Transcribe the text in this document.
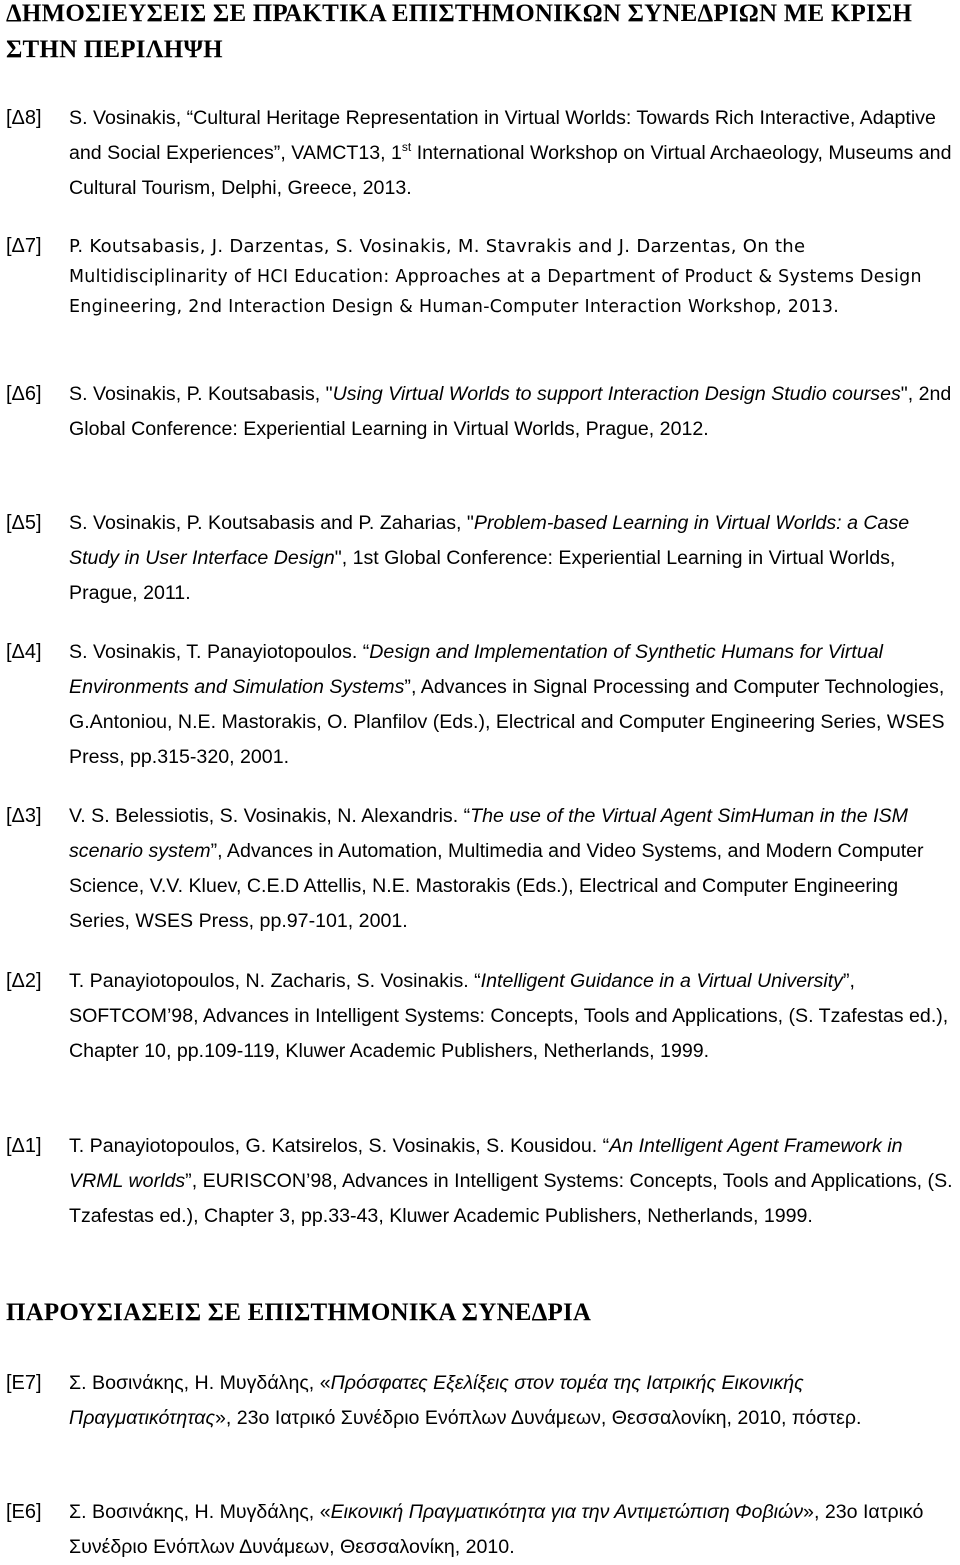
ΔΗΜΟΣΙΕΥΣΕΙΣ ΣΕ ΠΡΑΚΤΙΚΑ ΕΠΙΣΤΗΜΟΝΙΚΩΝ ΣΥΝΕΔΡΙΩΝ ΜΕ ΚΡΙΣΗ ΣΤΗΝ ΠΕΡΙΛΗΨΗ
[Δ8] S. Vosinakis, “Cultural Heritage Representation in Virtual Worlds: Towards Rich Interactive, Adaptive and Social Experiences”, VAMCT13, 1st International Workshop on Virtual Archaeology, Museums and Cultural Tourism, Delphi, Greece, 2013.

[Δ7] P. Koutsabasis, J. Darzentas, S. Vosinakis, M. Stavrakis and J. Darzentas, On the Multidisciplinarity of HCI Education: Approaches at a Department of Product & Systems Design Engineering, 2nd Interaction Design & Human-Computer Interaction Workshop, 2013.

[Δ6] S. Vosinakis, P. Koutsabasis, "Using Virtual Worlds to support Interaction Design Studio courses", 2nd Global Conference: Experiential Learning in Virtual Worlds, Prague, 2012.

[Δ5] S. Vosinakis, P. Koutsabasis and P. Zaharias, "Problem-based Learning in Virtual Worlds: a Case Study in User Interface Design", 1st Global Conference: Experiential Learning in Virtual Worlds, Prague, 2011.

[Δ4] S. Vosinakis, T. Panayiotopoulos. “Design and Implementation of Synthetic Humans for Virtual Environments and Simulation Systems”, Advances in Signal Processing and Computer Technologies, G.Antoniou, N.E. Mastorakis, O. Planfilov (Eds.), Electrical and Computer Engineering Series, WSES Press, pp.315-320, 2001.

[Δ3] V. S. Belessiotis, S. Vosinakis, N. Alexandris. “The use of the Virtual Agent SimHuman in the ISM scenario system”, Advances in Automation, Multimedia and Video Systems, and Modern Computer Science, V.V. Kluev, C.E.D Attellis, N.E. Mastorakis (Eds.), Electrical and Computer Engineering Series, WSES Press, pp.97-101, 2001.

[Δ2] T. Panayiotopoulos, N. Zacharis, S. Vosinakis. “Intelligent Guidance in a Virtual University”, SOFTCOM’98, Advances in Intelligent Systems: Concepts, Tools and Applications, (S. Tzafestas ed.), Chapter 10, pp.109-119, Kluwer Academic Publishers, Netherlands, 1999.

[Δ1] T. Panayiotopoulos, G. Katsirelos, S. Vosinakis, S. Kousidou. “An Intelligent Agent Framework in VRML worlds”, EURISCON’98, Advances in Intelligent Systems: Concepts, Tools and Applications, (S. Tzafestas ed.), Chapter 3, pp.33-43, Kluwer Academic Publishers, Netherlands, 1999.

ΠΑΡΟΥΣΙΑΣΕΙΣ ΣΕ ΕΠΙΣΤΗΜΟΝΙΚΑ ΣΥΝΕΔΡΙΑ
[Ε7] Σ. Βοσινάκης, Η. Μυγδάλης, «Πρόσφατες Εξελίξεις στον τομέα της Ιατρικής Εικονικής Πραγματικότητας», 23ο Ιατρικό Συνέδριο Ενόπλων Δυνάμεων, Θεσσαλονίκη, 2010, πόστερ.

[Ε6] Σ. Βοσινάκης, Η. Μυγδάλης, «Εικονική Πραγματικότητα για την Αντιμετώπιση Φοβιών», 23ο Ιατρικό Συνέδριο Ενόπλων Δυνάμεων, Θεσσαλονίκη, 2010.
